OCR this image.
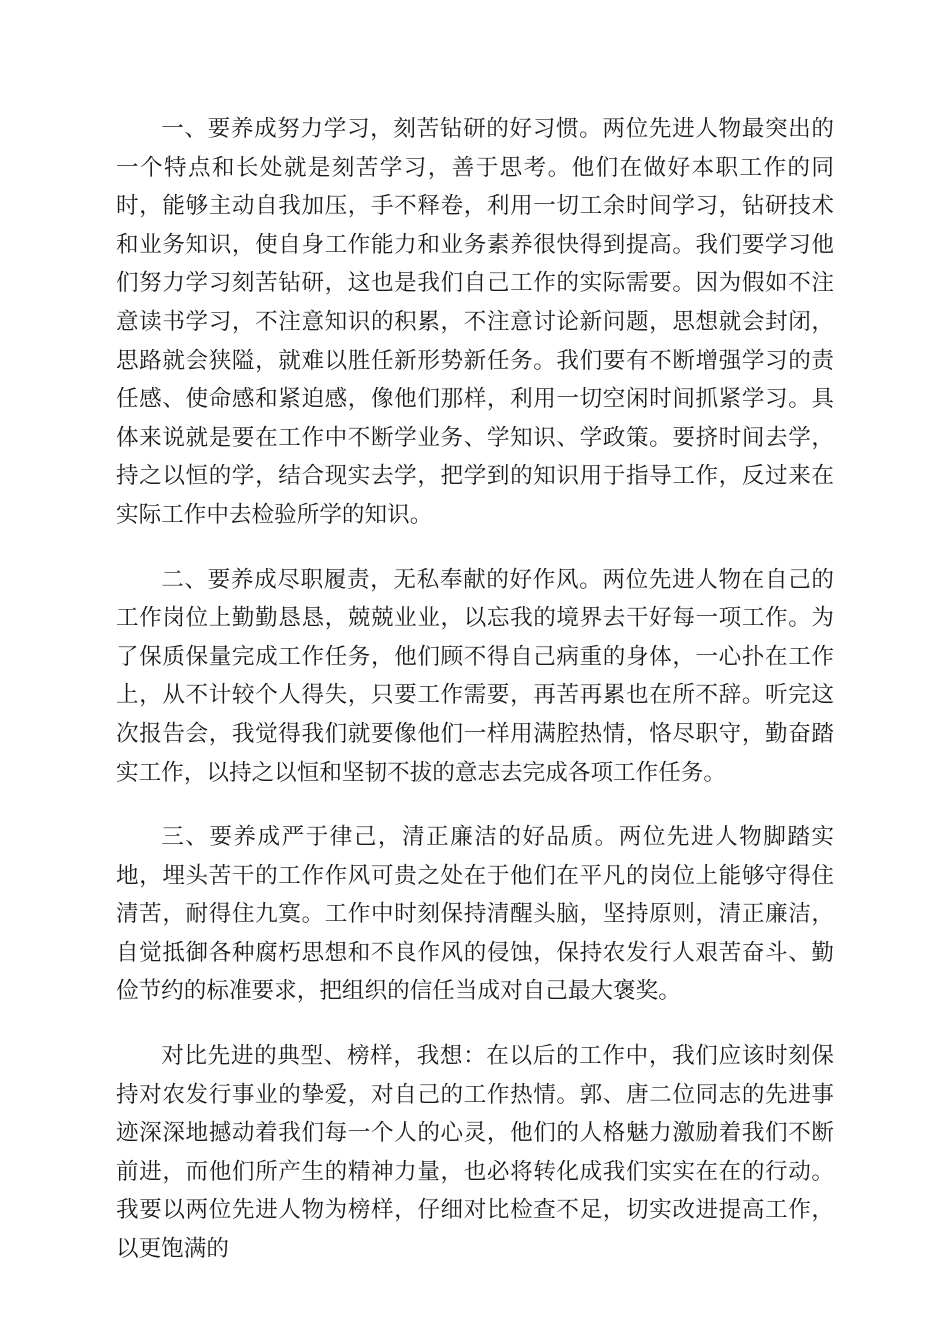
一、要养成努力学习，刻苦钻研的好习惯。两位先进人物最突出的一个特点和长处就是刻苦学习，善于思考。他们在做好本职工作的同时，能够主动自我加压，手不释卷，利用一切工余时间学习，钻研技术和业务知识，使自身工作能力和业务素养很快得到提高。我们要学习他们努力学习刻苦钻研，这也是我们自己工作的实际需要。因为假如不注意读书学习，不注意知识的积累，不注意讨论新问题，思想就会封闭，思路就会狭隘，就难以胜任新形势新任务。我们要有不断增强学习的责任感、使命感和紧迫感，像他们那样，利用一切空闲时间抓紧学习。具体来说就是要在工作中不断学业务、学知识、学政策。要挤时间去学，持之以恒的学，结合现实去学，把学到的知识用于指导工作，反过来在实际工作中去检验所学的知识。

二、要养成尽职履责，无私奉献的好作风。两位先进人物在自己的工作岗位上勤勤恳恳，兢兢业业，以忘我的境界去干好每一项工作。为了保质保量完成工作任务，他们顾不得自己病重的身体，一心扑在工作上，从不计较个人得失，只要工作需要，再苦再累也在所不辞。听完这次报告会，我觉得我们就要像他们一样用满腔热情，恪尽职守，勤奋踏实工作，以持之以恒和坚韧不拔的意志去完成各项工作任务。

三、要养成严于律己，清正廉洁的好品质。两位先进人物脚踏实地，埋头苦干的工作作风可贵之处在于他们在平凡的岗位上能够守得住清苦，耐得住九寞。工作中时刻保持清醒头脑，坚持原则，清正廉洁，自觉抵御各种腐朽思想和不良作风的侵蚀，保持农发行人艰苦奋斗、勤俭节约的标准要求，把组织的信任当成对自己最大褒奖。

对比先进的典型、榜样，我想：在以后的工作中，我们应该时刻保持对农发行事业的挚爱，对自己的工作热情。郭、唐二位同志的先进事迹深深地撼动着我们每一个人的心灵，他们的人格魅力激励着我们不断前进，而他们所产生的精神力量，也必将转化成我们实实在在的行动。我要以两位先进人物为榜样，仔细对比检查不足，切实改进提高工作，以更饱满的
